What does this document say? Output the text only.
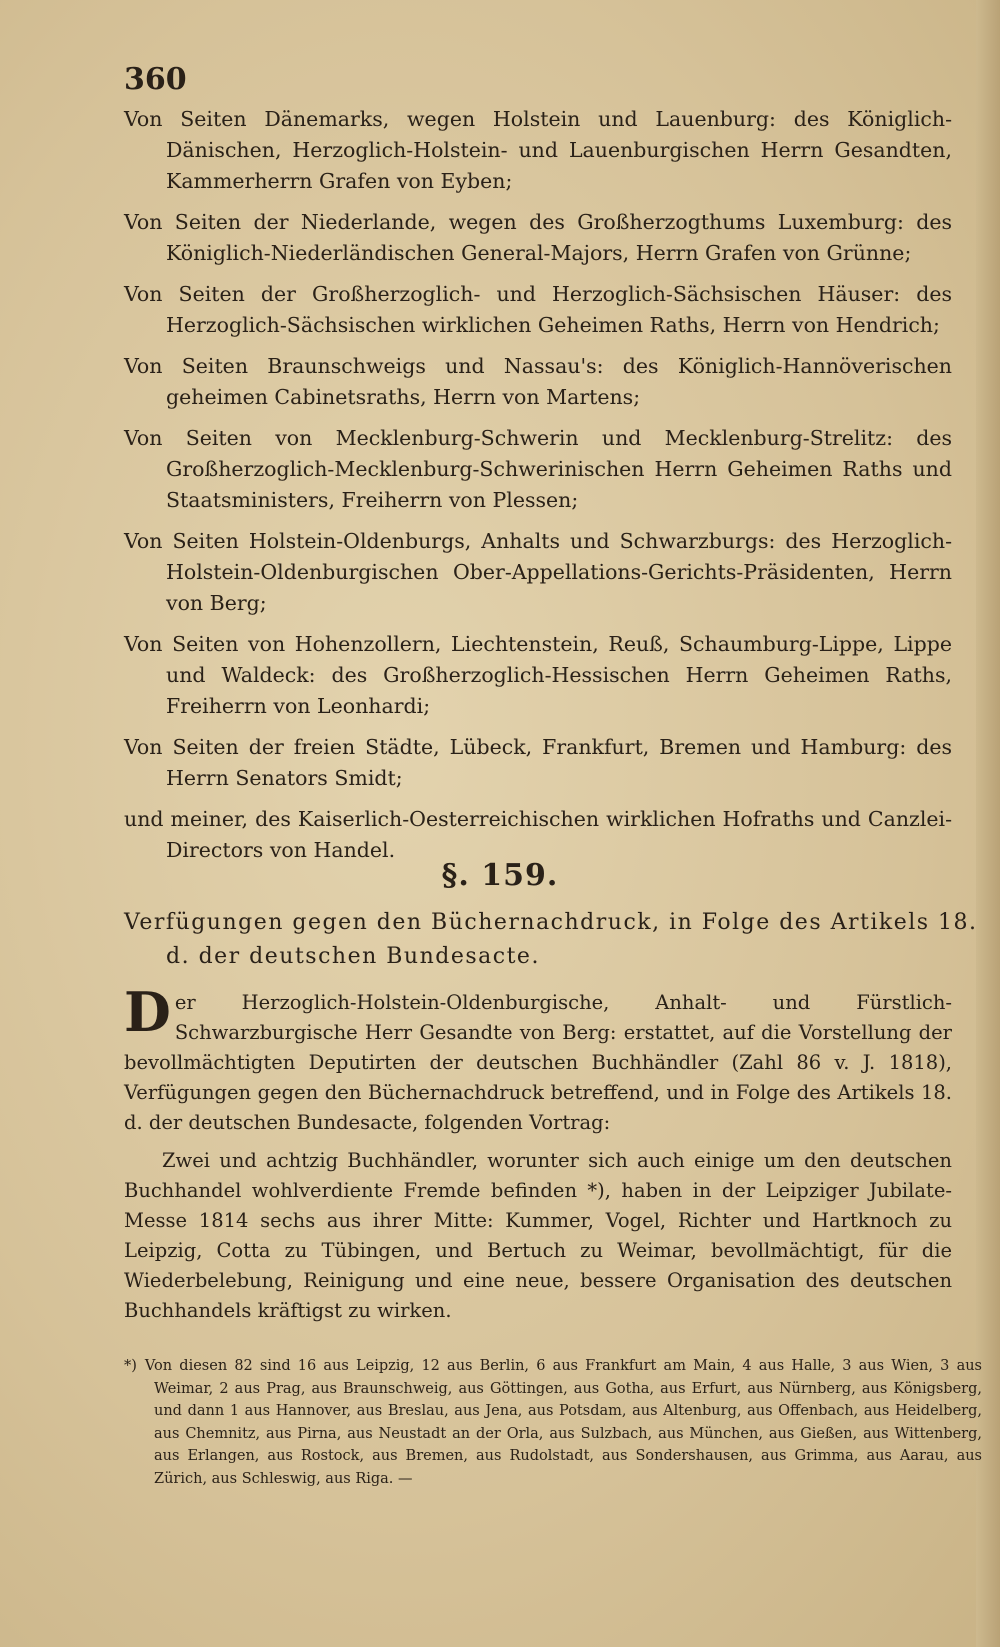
360
Von Seiten Dänemarks, wegen Holstein und Lauenburg: des Königlich-Dänischen, Herzoglich-Holstein- und Lauenburgischen Herrn Gesandten, Kammerherrn Grafen von Eyben;
Von Seiten der Niederlande, wegen des Großherzogthums Luxemburg: des Königlich-Niederländischen General-Majors, Herrn Grafen von Grünne;
Von Seiten der Großherzoglich- und Herzoglich-Sächsischen Häuser: des Herzoglich-Sächsischen wirklichen Geheimen Raths, Herrn von Hendrich;
Von Seiten Braunschweigs und Nassau's: des Königlich-Hannöverischen geheimen Cabinetsraths, Herrn von Martens;
Von Seiten von Mecklenburg-Schwerin und Mecklenburg-Strelitz: des Großherzoglich-Mecklenburg-Schwerinischen Herrn Geheimen Raths und Staatsministers, Freiherrn von Plessen;
Von Seiten Holstein-Oldenburgs, Anhalts und Schwarzburgs: des Herzoglich-Holstein-Oldenburgischen Ober-Appellations-Gerichts-Präsidenten, Herrn von Berg;
Von Seiten von Hohenzollern, Liechtenstein, Reuß, Schaumburg-Lippe, Lippe und Waldeck: des Großherzoglich-Hessischen Herrn Geheimen Raths, Freiherrn von Leonhardi;
Von Seiten der freien Städte, Lübeck, Frankfurt, Bremen und Hamburg: des Herrn Senators Smidt;
und meiner, des Kaiserlich-Oesterreichischen wirklichen Hofraths und Canzlei-Directors von Handel.
§. 159.
Verfügungen gegen den Büchernachdruck, in Folge des Artikels 18. d. der deutschen Bundesacte.

Der Herzoglich-Holstein-Oldenburgische, Anhalt- und Fürstlich-Schwarzburgische Herr Gesandte von Berg: erstattet, auf die Vorstellung der bevollmächtigten Deputirten der deutschen Buchhändler (Zahl 86 v. J. 1818), Verfügungen gegen den Büchernachdruck betreffend, und in Folge des Artikels 18. d. der deutschen Bundesacte, folgenden Vortrag:

Zwei und achtzig Buchhändler, worunter sich auch einige um den deutschen Buchhandel wohlverdiente Fremde befinden *), haben in der Leipziger Jubilate-Messe 1814 sechs aus ihrer Mitte: Kummer, Vogel, Richter und Hartknoch zu Leipzig, Cotta zu Tübingen, und Bertuch zu Weimar, bevollmächtigt, für die Wiederbelebung, Reinigung und eine neue, bessere Organisation des deutschen Buchhandels kräftigst zu wirken.

*) Von diesen 82 sind 16 aus Leipzig, 12 aus Berlin, 6 aus Frankfurt am Main, 4 aus Halle, 3 aus Wien, 3 aus Weimar, 2 aus Prag, aus Braunschweig, aus Göttingen, aus Gotha, aus Erfurt, aus Nürnberg, aus Königsberg, und dann 1 aus Hannover, aus Breslau, aus Jena, aus Potsdam, aus Altenburg, aus Offenbach, aus Heidelberg, aus Chemnitz, aus Pirna, aus Neustadt an der Orla, aus Sulzbach, aus München, aus Gießen, aus Wittenberg, aus Erlangen, aus Rostock, aus Bremen, aus Rudolstadt, aus Sondershausen, aus Grimma, aus Aarau, aus Zürich, aus Schleswig, aus Riga. —
